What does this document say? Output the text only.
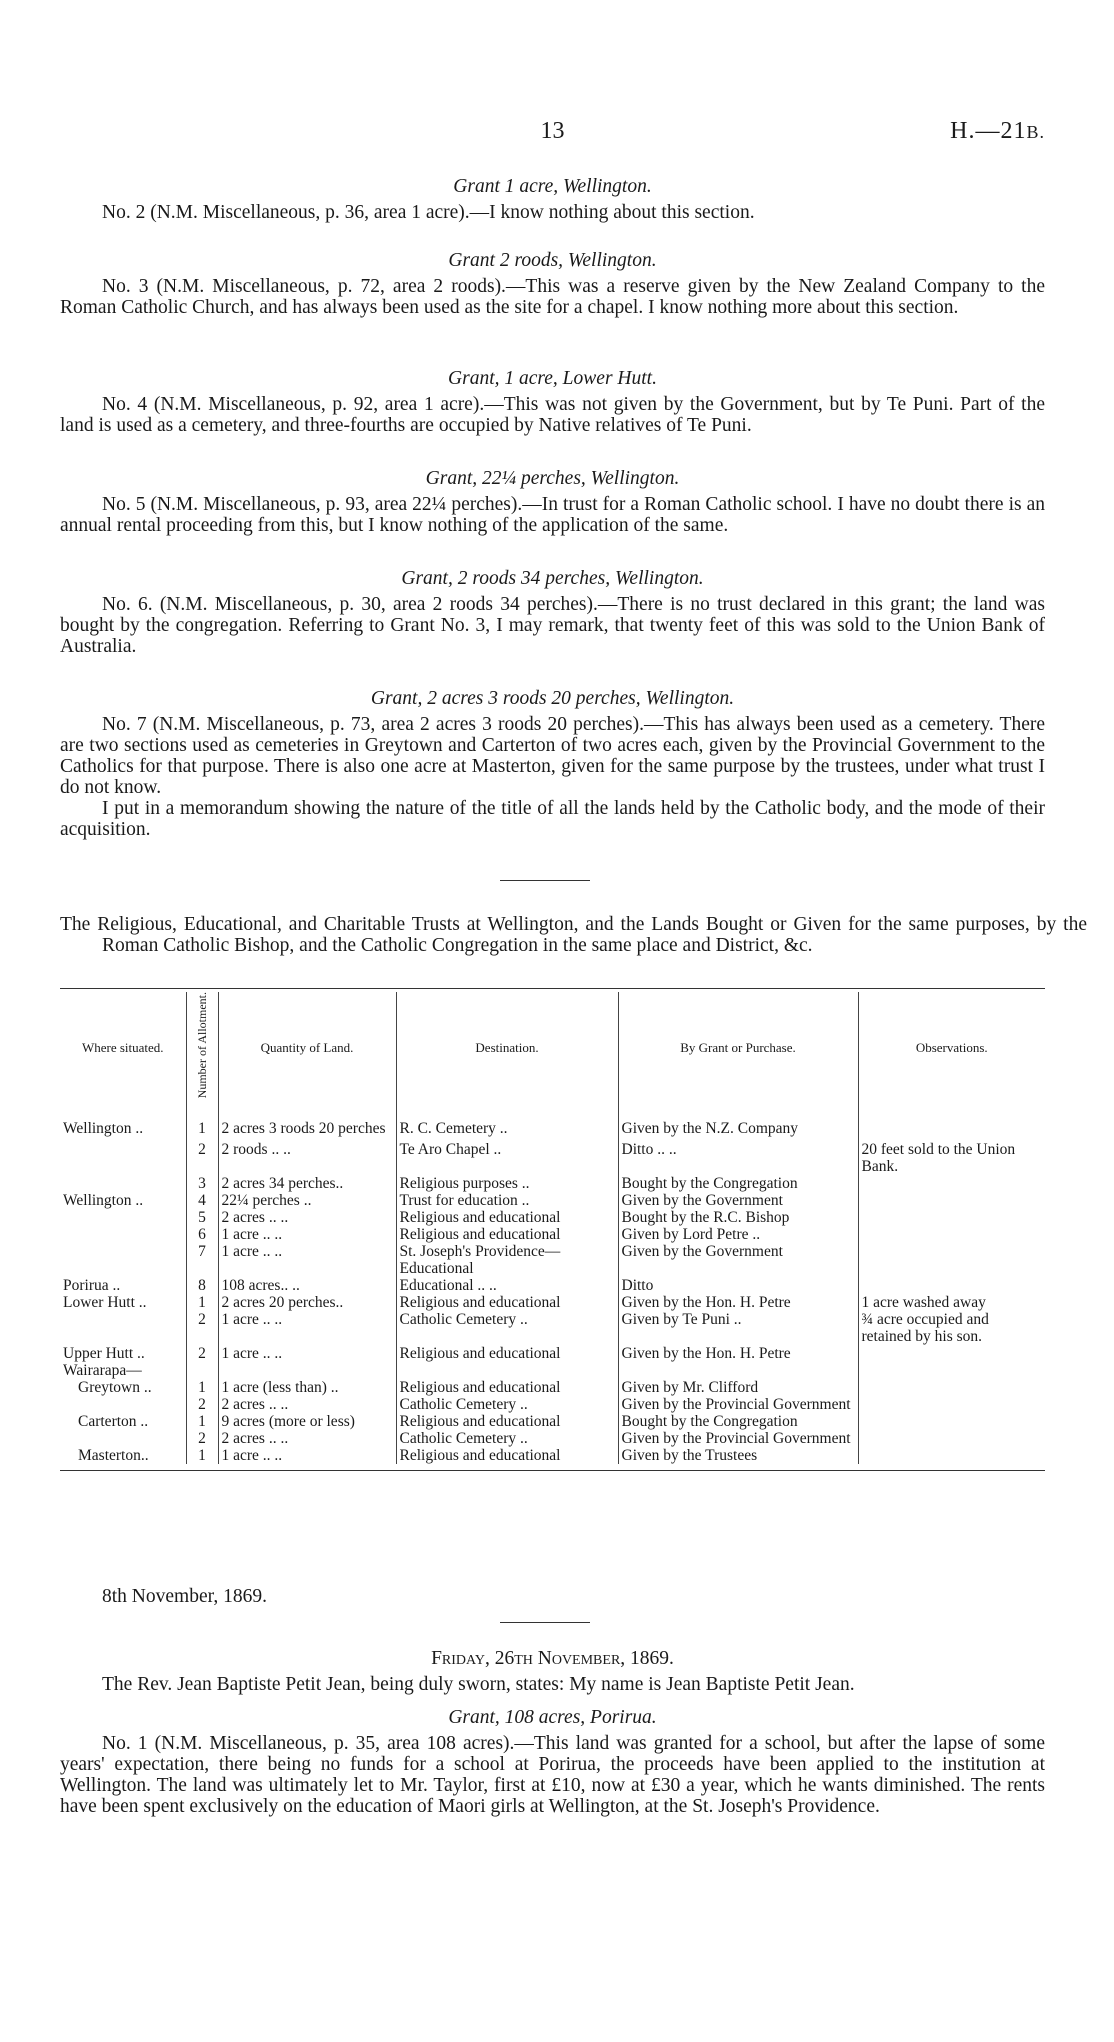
13	H.—21B.
Grant 1 acre, Wellington.

No. 2 (N.M. Miscellaneous, p. 36, area 1 acre).—I know nothing about this section.

Grant 2 roods, Wellington.

No. 3 (N.M. Miscellaneous, p. 72, area 2 roods).—This was a reserve given by the New Zealand Company to the Roman Catholic Church, and has always been used as the site for a chapel. I know nothing more about this section.

Grant, 1 acre, Lower Hutt.

No. 4 (N.M. Miscellaneous, p. 92, area 1 acre).—This was not given by the Government, but by Te Puni. Part of the land is used as a cemetery, and three-fourths are occupied by Native relatives of Te Puni.

Grant, 22¼ perches, Wellington.

No. 5 (N.M. Miscellaneous, p. 93, area 22¼ perches).—In trust for a Roman Catholic school. I have no doubt there is an annual rental proceeding from this, but I know nothing of the application of the same.

Grant, 2 roods 34 perches, Wellington.

No. 6. (N.M. Miscellaneous, p. 30, area 2 roods 34 perches).—There is no trust declared in this grant; the land was bought by the congregation. Referring to Grant No. 3, I may remark, that twenty feet of this was sold to the Union Bank of Australia.

Grant, 2 acres 3 roods 20 perches, Wellington.

No. 7 (N.M. Miscellaneous, p. 73, area 2 acres 3 roods 20 perches).—This has always been used as a cemetery. There are two sections used as cemeteries in Greytown and Carterton of two acres each, given by the Provincial Government to the Catholics for that purpose. There is also one acre at Masterton, given for the same purpose by the trustees, under what trust I do not know.

I put in a memorandum showing the nature of the title of all the lands held by the Catholic body, and the mode of their acquisition.

The Religious, Educational, and Charitable Trusts at Wellington, and the Lands Bought or Given for the same purposes, by the Roman Catholic Bishop, and the Catholic Congregation in the same place and District, &c.
Where situated.	Number of Allotment.	Quantity of Land.	Destination.	By Grant or Purchase.	Observations.
Wellington ..	1	2 acres 3 roods 20 perches	R. C. Cemetery ..	Given by the N.Z. Company	
	2	2 roods .. ..	Te Aro Chapel ..	Ditto .. ..	20 feet sold to the Union Bank.
	3	2 acres 34 perches..	Religious purposes ..	Bought by the Congregation	
Wellington ..	4	22¼ perches ..	Trust for education ..	Given by the Government	
	5	2 acres .. ..	Religious and educational	Bought by the R.C. Bishop	
	6	1 acre .. ..	Religious and educational	Given by Lord Petre ..	
	7	1 acre .. ..	St. Joseph's Providence—Educational	Given by the Government	
Porirua ..	8	108 acres.. ..	Educational .. ..	Ditto	
Lower Hutt ..	1	2 acres 20 perches..	Religious and educational	Given by the Hon. H. Petre	1 acre washed away
	2	1 acre .. ..	Catholic Cemetery ..	Given by Te Puni ..	¾ acre occupied and retained by his son.
Upper Hutt ..	2	1 acre .. ..	Religious and educational	Given by the Hon. H. Petre	
Wairarapa—					
Greytown ..	1	1 acre (less than) ..	Religious and educational	Given by Mr. Clifford	
	2	2 acres .. ..	Catholic Cemetery ..	Given by the Provincial Government	
Carterton ..	1	9 acres (more or less)	Religious and educational	Bought by the Congregation	
	2	2 acres .. ..	Catholic Cemetery ..	Given by the Provincial Government	
Masterton..	1	1 acre .. ..	Religious and educational	Given by the Trustees	
8th November, 1869.
Friday, 26th November, 1869.

The Rev. Jean Baptiste Petit Jean, being duly sworn, states: My name is Jean Baptiste Petit Jean.

Grant, 108 acres, Porirua.

No. 1 (N.M. Miscellaneous, p. 35, area 108 acres).—This land was granted for a school, but after the lapse of some years' expectation, there being no funds for a school at Porirua, the proceeds have been applied to the institution at Wellington. The land was ultimately let to Mr. Taylor, first at £10, now at £30 a year, which he wants diminished. The rents have been spent exclusively on the education of Maori girls at Wellington, at the St. Joseph's Providence.
